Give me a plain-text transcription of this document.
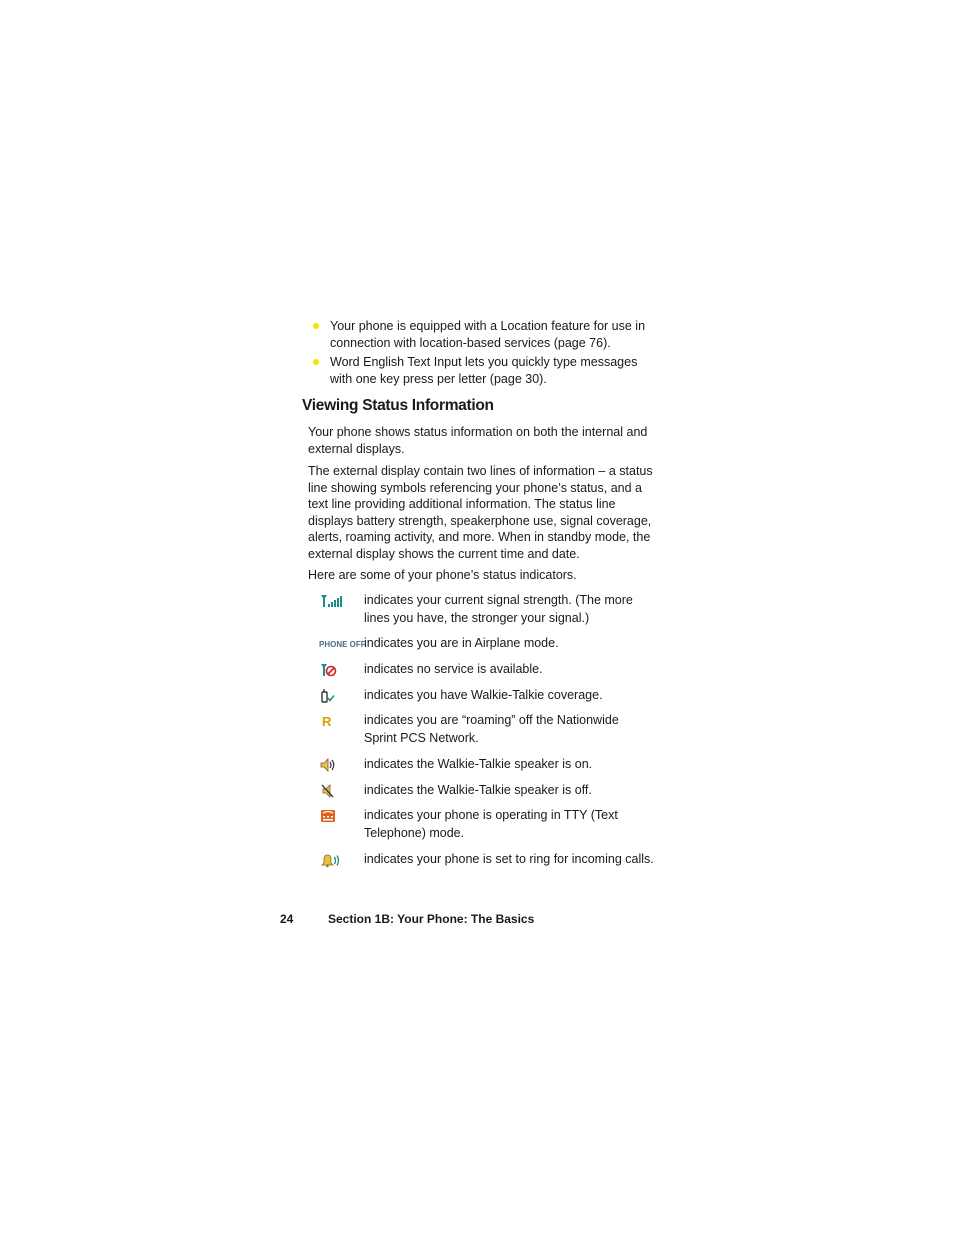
Your phone is equipped with a Location feature for use in connection with location-based services (page 76).
Word English Text Input lets you quickly type messages with one key press per letter (page 30).
Viewing Status Information

Your phone shows status information on both the internal and external displays.

The external display contain two lines of information – a status line showing symbols referencing your phone’s status, and a text line providing additional information. The status line displays battery strength, speakerphone use, signal coverage, alerts, roaming activity, and more. When in standby mode, the external display shows the current time and date.

Here are some of your phone’s status indicators.

indicates your current signal strength. (The more lines you have, the stronger your signal.)
PHONE OFF
indicates you are in Airplane mode.
indicates no service is available.
indicates you have Walkie-Talkie coverage.
R	indicates you are “roaming” off the Nationwide Sprint PCS Network.
indicates the Walkie-Talkie speaker is on.
indicates the Walkie-Talkie speaker is off.
indicates your phone is operating in TTY (Text Telephone) mode.
indicates your phone is set to ring for incoming calls.
24	Section 1B: Your Phone: The Basics
